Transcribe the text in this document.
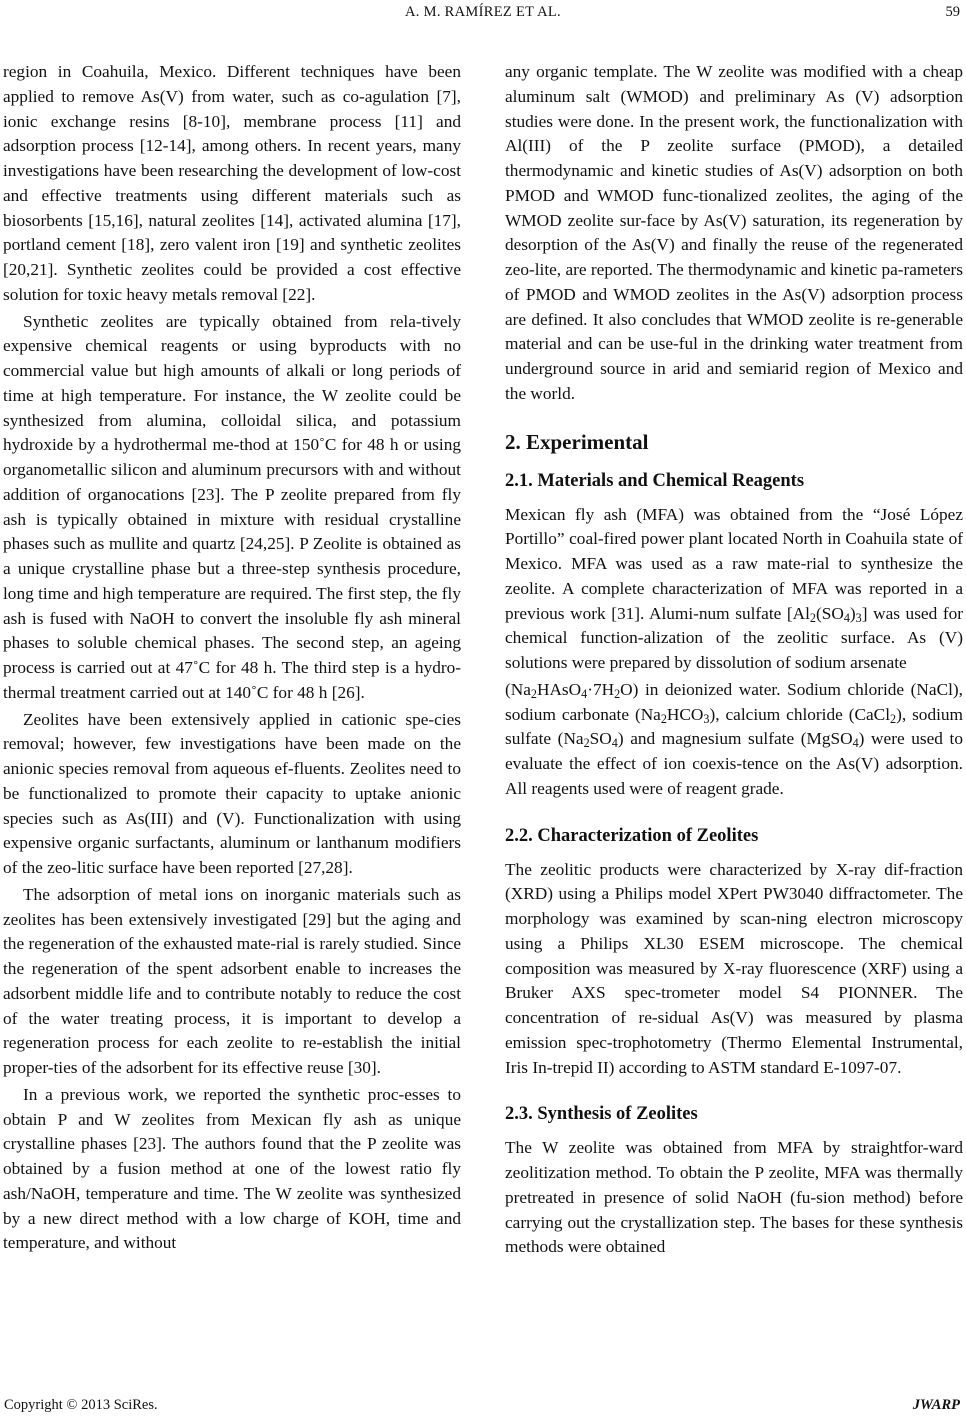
A. M. RAMÍREZ ET AL.	59

region in Coahuila, Mexico. Different techniques have been applied to remove As(V) from water, such as co-agulation [7], ionic exchange resins [8-10], membrane process [11] and adsorption process [12-14], among others. In recent years, many investigations have been researching the development of low-cost and effective treatments using different materials such as biosorbents [15,16], natural zeolites [14], activated alumina [17], portland cement [18], zero valent iron [19] and synthetic zeolites [20,21]. Synthetic zeolites could be provided a cost effective solution for toxic heavy metals removal [22].

Synthetic zeolites are typically obtained from rela-tively expensive chemical reagents or using byproducts with no commercial value but high amounts of alkali or long periods of time at high temperature. For instance, the W zeolite could be synthesized from alumina, colloidal silica, and potassium hydroxide by a hydrothermal me-thod at 150˚C for 48 h or using organometallic silicon and aluminum precursors with and without addition of organocations [23]. The P zeolite prepared from fly ash is typically obtained in mixture with residual crystalline phases such as mullite and quartz [24,25]. P Zeolite is obtained as a unique crystalline phase but a three-step synthesis procedure, long time and high temperature are required. The first step, the fly ash is fused with NaOH to convert the insoluble fly ash mineral phases to soluble chemical phases. The second step, an ageing process is carried out at 47˚C for 48 h. The third step is a hydro-thermal treatment carried out at 140˚C for 48 h [26].

Zeolites have been extensively applied in cationic spe-cies removal; however, few investigations have been made on the anionic species removal from aqueous ef-fluents. Zeolites need to be functionalized to promote their capacity to uptake anionic species such as As(III) and (V). Functionalization with using expensive organic surfactants, aluminum or lanthanum modifiers of the zeo-litic surface have been reported [27,28].

The adsorption of metal ions on inorganic materials such as zeolites has been extensively investigated [29] but the aging and the regeneration of the exhausted mate-rial is rarely studied. Since the regeneration of the spent adsorbent enable to increases the adsorbent middle life and to contribute notably to reduce the cost of the water treating process, it is important to develop a regeneration process for each zeolite to re-establish the initial proper-ties of the adsorbent for its effective reuse [30].

In a previous work, we reported the synthetic proc-esses to obtain P and W zeolites from Mexican fly ash as unique crystalline phases [23]. The authors found that the P zeolite was obtained by a fusion method at one of the lowest ratio fly ash/NaOH, temperature and time. The W zeolite was synthesized by a new direct method with a low charge of KOH, time and temperature, and without

any organic template. The W zeolite was modified with a cheap aluminum salt (WMOD) and preliminary As (V) adsorption studies were done. In the present work, the functionalization with Al(III) of the P zeolite surface (PMOD), a detailed thermodynamic and kinetic studies of As(V) adsorption on both PMOD and WMOD func-tionalized zeolites, the aging of the WMOD zeolite sur-face by As(V) saturation, its regeneration by desorption of the As(V) and finally the reuse of the regenerated zeo-lite, are reported. The thermodynamic and kinetic pa-rameters of PMOD and WMOD zeolites in the As(V) adsorption process are defined. It also concludes that WMOD zeolite is re-generable material and can be use-ful in the drinking water treatment from underground source in arid and semiarid region of Mexico and the world.

2. Experimental
2.1. Materials and Chemical Reagents

Mexican fly ash (MFA) was obtained from the “José López Portillo” coal-fired power plant located North in Coahuila state of Mexico. MFA was used as a raw mate-rial to synthesize the zeolite. A complete characterization of MFA was reported in a previous work [31]. Alumi-num sulfate $[Al_2(SO_4)_3]$ was used for chemical function-alization of the zeolitic surface. As (V) solutions were prepared by dissolution of sodium arsenate

$(Na_2HAsO_4\cdot 7H_2O)$ in deionized water. Sodium chloride (NaCl), sodium carbonate $(Na_2HCO_3)$, calcium chloride (CaCl$_2$), sodium sulfate $(Na_2SO_4)$ and magnesium sulfate (MgSO$_4$) were used to evaluate the effect of ion coexis-tence on the As(V) adsorption. All reagents used were of reagent grade.

2.2. Characterization of Zeolites

The zeolitic products were characterized by X-ray dif-fraction (XRD) using a Philips model XPert PW3040 diffractometer. The morphology was examined by scan-ning electron microscopy using a Philips XL30 ESEM microscope. The chemical composition was measured by X-ray fluorescence (XRF) using a Bruker AXS spec-trometer model S4 PIONNER. The concentration of re-sidual As(V) was measured by plasma emission spec-trophotometry (Thermo Elemental Instrumental, Iris In-trepid II) according to ASTM standard E-1097-07.

2.3. Synthesis of Zeolites

The W zeolite was obtained from MFA by straightfor-ward zeolitization method. To obtain the P zeolite, MFA was thermally pretreated in presence of solid NaOH (fu-sion method) before carrying out the crystallization step. The bases for these synthesis methods were obtained

Copyright © 2013 SciRes.	JWARP
